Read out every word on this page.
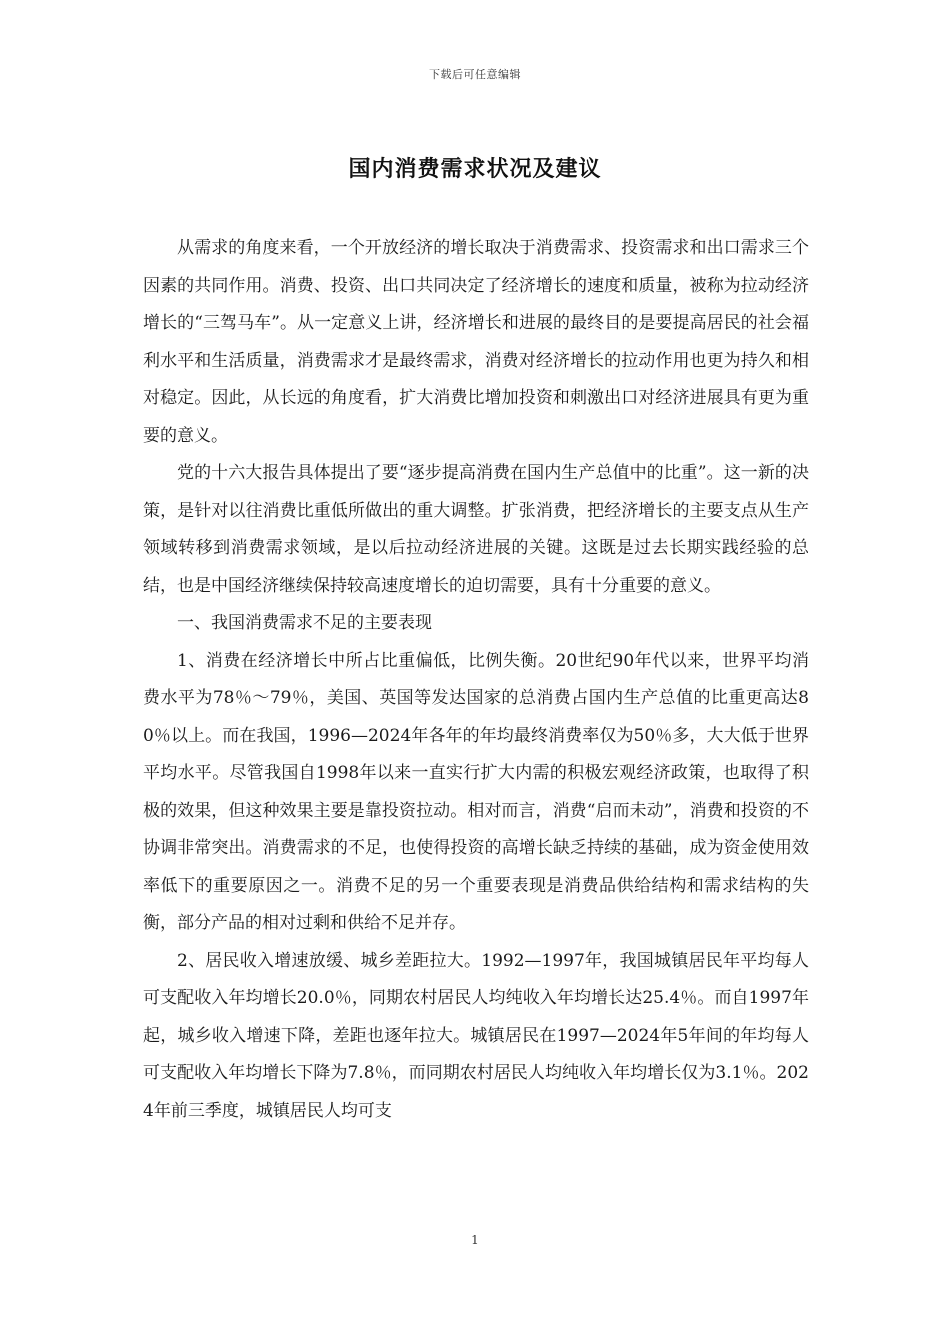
下载后可任意编辑
国内消费需求状况及建议

从需求的角度来看，一个开放经济的增长取决于消费需求、投资需求和出口需求三个因素的共同作用。消费、投资、出口共同决定了经济增长的速度和质量，被称为拉动经济增长的“三驾马车”。从一定意义上讲，经济增长和进展的最终目的是要提高居民的社会福利水平和生活质量，消费需求才是最终需求，消费对经济增长的拉动作用也更为持久和相对稳定。因此，从长远的角度看，扩大消费比增加投资和刺激出口对经济进展具有更为重要的意义。

党的十六大报告具体提出了要“逐步提高消费在国内生产总值中的比重”。这一新的决策，是针对以往消费比重低所做出的重大调整。扩张消费，把经济增长的主要支点从生产领域转移到消费需求领域，是以后拉动经济进展的关键。这既是过去长期实践经验的总结，也是中国经济继续保持较高速度增长的迫切需要，具有十分重要的意义。

一、我国消费需求不足的主要表现

1、消费在经济增长中所占比重偏低，比例失衡。20世纪90年代以来，世界平均消费水平为78％～79％，美国、英国等发达国家的总消费占国内生产总值的比重更高达80％以上。而在我国，1996—2024年各年的年均最终消费率仅为50％多，大大低于世界平均水平。尽管我国自1998年以来一直实行扩大内需的积极宏观经济政策，也取得了积极的效果，但这种效果主要是靠投资拉动。相对而言，消费“启而未动”，消费和投资的不协调非常突出。消费需求的不足，也使得投资的高增长缺乏持续的基础，成为资金使用效率低下的重要原因之一。消费不足的另一个重要表现是消费品供给结构和需求结构的失衡，部分产品的相对过剩和供给不足并存。

2、居民收入增速放缓、城乡差距拉大。1992—1997年，我国城镇居民年平均每人可支配收入年均增长20.0％，同期农村居民人均纯收入年均增长达25.4％。而自1997年起，城乡收入增速下降，差距也逐年拉大。城镇居民在1997—2024年5年间的年均每人可支配收入年均增长下降为7.8％，而同期农村居民人均纯收入年均增长仅为3.1％。2024年前三季度，城镇居民人均可支

1
